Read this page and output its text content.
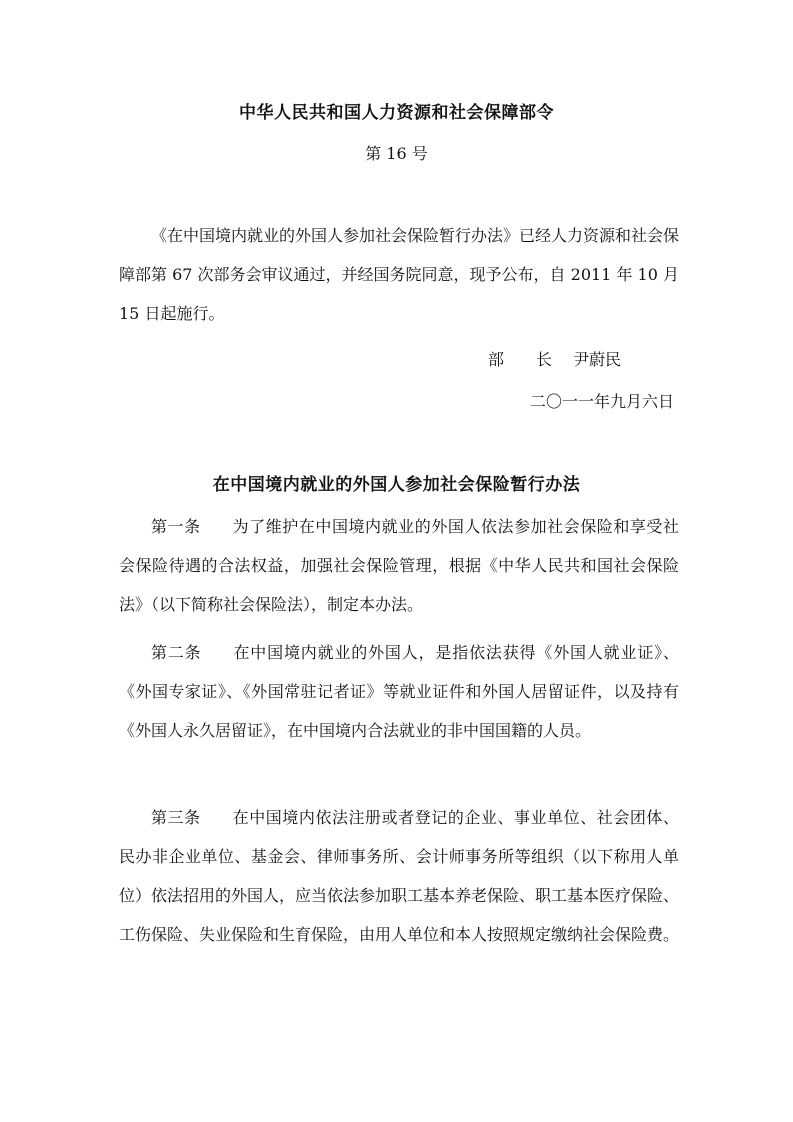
中华人民共和国人力资源和社会保障部令
第 16 号
《在中国境内就业的外国人参加社会保险暂行办法》已经人力资源和社会保障部第 67 次部务会审议通过，并经国务院同意，现予公布，自 2011 年 10 月 15 日起施行。
部　　长　 尹蔚民
二〇一一年九月六日
在中国境内就业的外国人参加社会保险暂行办法

第一条 为了维护在中国境内就业的外国人依法参加社会保险和享受社会保险待遇的合法权益，加强社会保险管理，根据《中华人民共和国社会保险法》（以下简称社会保险法），制定本办法。

第二条 在中国境内就业的外国人，是指依法获得《外国人就业证》、《外国专家证》、《外国常驻记者证》等就业证件和外国人居留证件，以及持有《外国人永久居留证》，在中国境内合法就业的非中国国籍的人员。

第三条 在中国境内依法注册或者登记的企业、事业单位、社会团体、民办非企业单位、基金会、律师事务所、会计师事务所等组织（以下称用人单位）依法招用的外国人，应当依法参加职工基本养老保险、职工基本医疗保险、工伤保险、失业保险和生育保险，由用人单位和本人按照规定缴纳社会保险费。
